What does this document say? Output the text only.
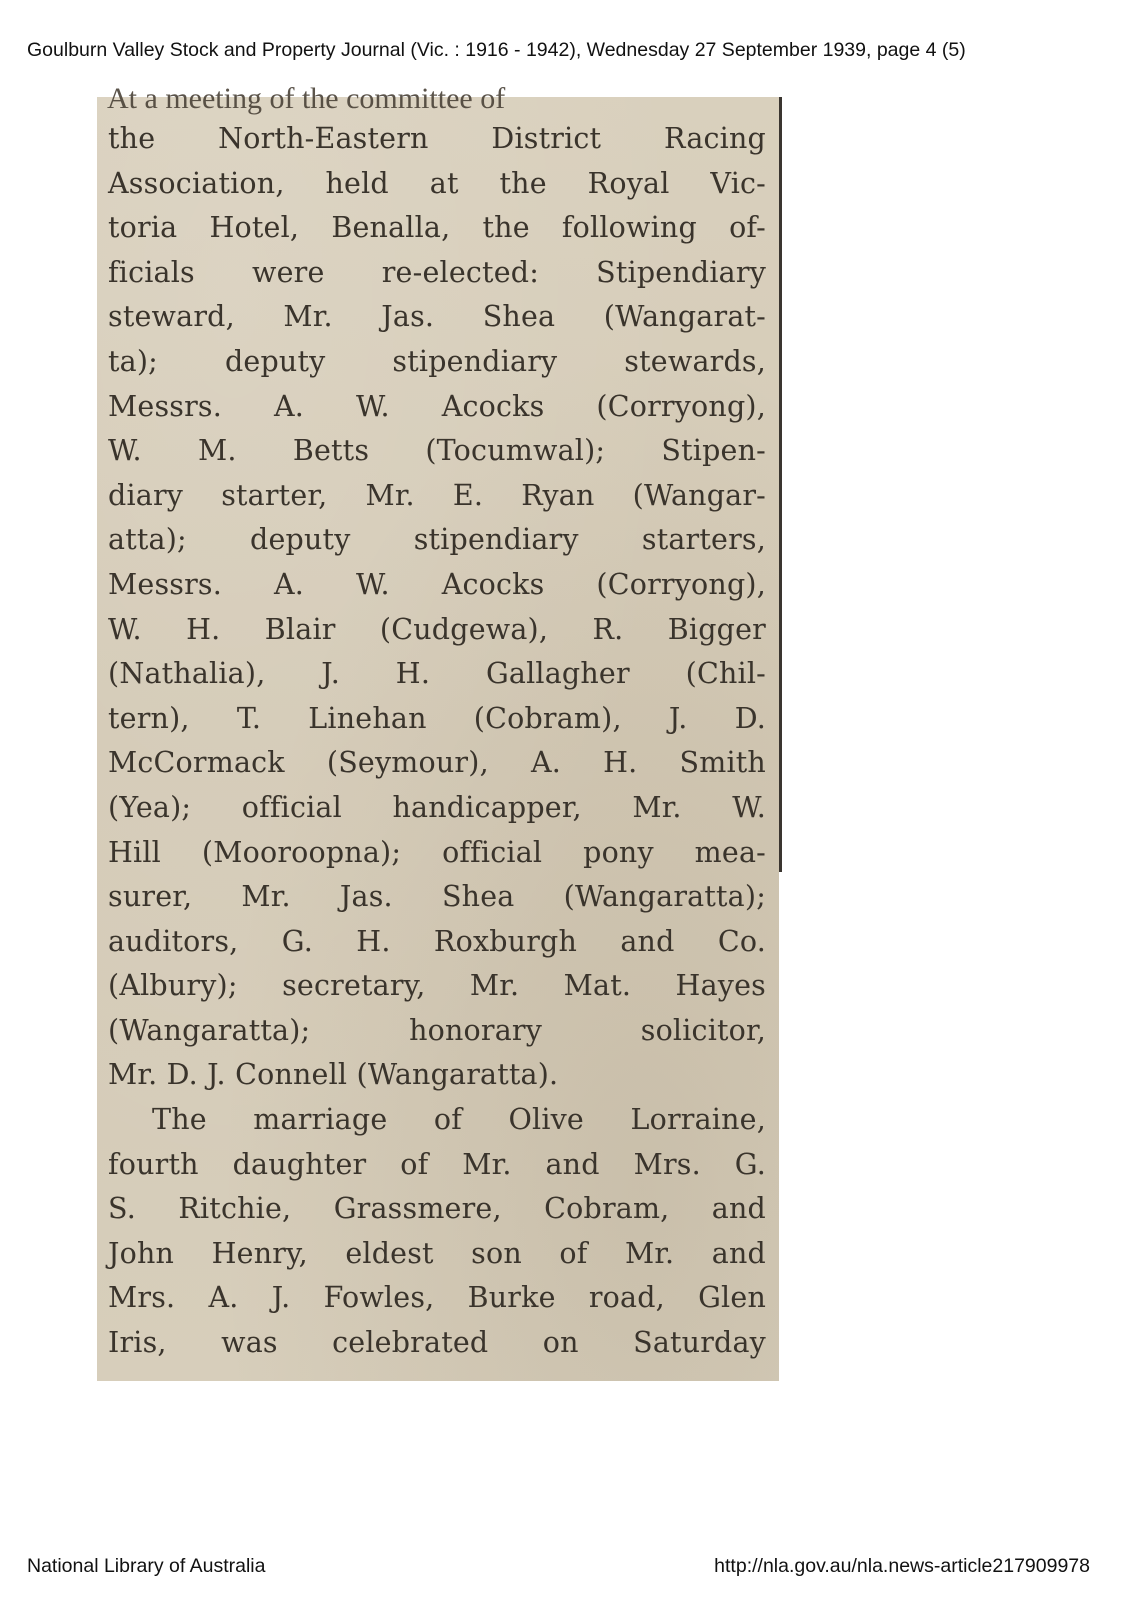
Goulburn Valley Stock and Property Journal (Vic. : 1916 - 1942), Wednesday 27 September 1939, page 4 (5)
At a meeting of the committee of
the North-Eastern District Racing
Association, held at the Royal Vic-
toria Hotel, Benalla, the following of-
ficials were re-elected: Stipendiary
steward, Mr. Jas. Shea (Wangarat-
ta); deputy stipendiary stewards,
Messrs. A. W. Acocks (Corryong),
W. M. Betts (Tocumwal); Stipen-
diary starter, Mr. E. Ryan (Wangar-
atta); deputy stipendiary starters,
Messrs. A. W. Acocks (Corryong),
W. H. Blair (Cudgewa), R. Bigger
(Nathalia), J. H. Gallagher (Chil-
tern), T. Linehan (Cobram), J. D.
McCormack (Seymour), A. H. Smith
(Yea); official handicapper, Mr. W.
Hill (Mooroopna); official pony mea-
surer, Mr. Jas. Shea (Wangaratta);
auditors, G. H. Roxburgh and Co.
(Albury); secretary, Mr. Mat. Hayes
(Wangaratta); honorary solicitor,
Mr. D. J. Connell (Wangaratta).
The marriage of Olive Lorraine,
fourth daughter of Mr. and Mrs. G.
S. Ritchie, Grassmere, Cobram, and
John Henry, eldest son of Mr. and
Mrs. A. J. Fowles, Burke road, Glen
Iris, was celebrated on Saturday
National Library of Australia	http://nla.gov.au/nla.news-article217909978
